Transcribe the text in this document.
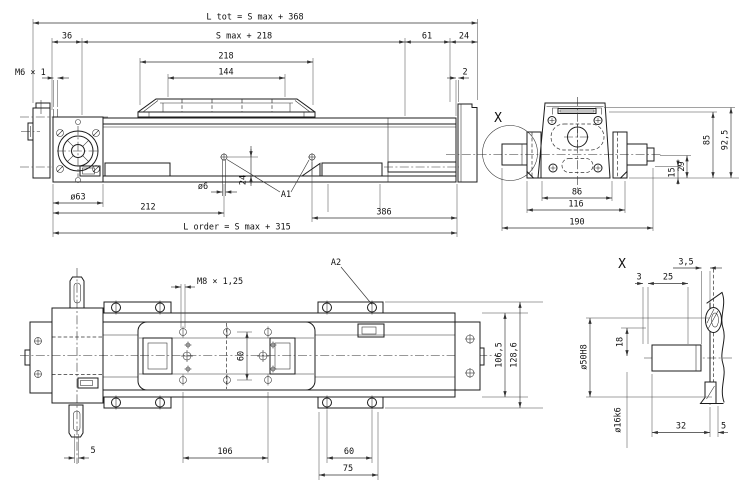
L tot = S max + 368
36	S max + 218	61	24
218
144	2
M6 × 1
ø63
212	386
L order = S max + 315
ø6
24
A1
X
15
29
85 92,5
86
116
190
M8 × 1,25
A2
60	106,5 128,6
5	106	60
75
X
ø50H8
18
ø16k6
3	25
3,5
32	5
